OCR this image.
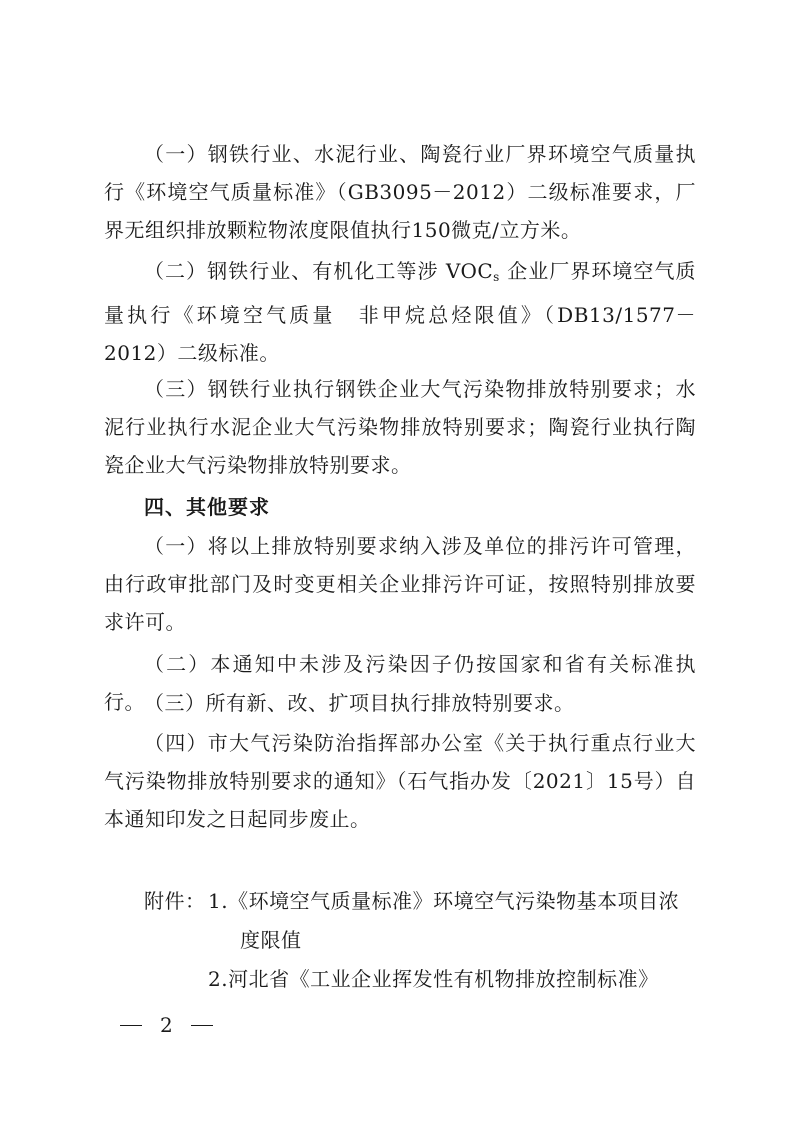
（一）钢铁行业、水泥行业、陶瓷行业厂界环境空气质量执行《环境空气质量标准》（GB3095－2012）二级标准要求，厂界无组织排放颗粒物浓度限值执行150微克/立方米。
（二）钢铁行业、有机化工等涉 $VOC_s$ 企业厂界环境空气质量执行《环境空气质量　非甲烷总烃限值》（DB13/1577－2012）二级标准。
（三）钢铁行业执行钢铁企业大气污染物排放特别要求；水泥行业执行水泥企业大气污染物排放特别要求；陶瓷行业执行陶瓷企业大气污染物排放特别要求。
四、其他要求
（一）将以上排放特别要求纳入涉及单位的排污许可管理，由行政审批部门及时变更相关企业排污许可证，按照特别排放要求许可。
（二）本通知中未涉及污染因子仍按国家和省有关标准执行。 （三）所有新、改、扩项目执行排放特别要求。
（四）市大气污染防治指挥部办公室《关于执行重点行业大气污染物排放特别要求的通知》（石气指办发〔2021〕15号）自本通知印发之日起同步废止。
附件： 1.《环境空气质量标准》环境空气污染物基本项目浓
度限值
2.河北省《工业企业挥发性有机物排放控制标准》
2
